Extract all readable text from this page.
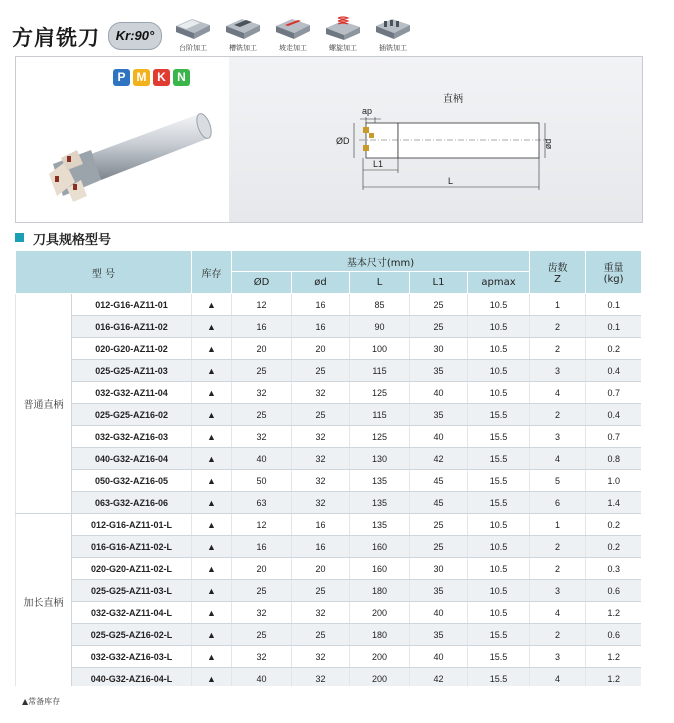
方肩铣刀	Kr:90°
台阶加工	槽铣加工	坡走加工	螺旋加工	插铣加工
P M K N
直柄
ap
ØD	ød
L1
L
刀具规格型号
型 号		库存	基本尺寸(mm)					齿数
Z	重量
(kg)
			ØD	ød	L	L1	apmax		
普通直柄	012-G16-AZ11-01	▲	12	16	85	25	10.5	1	0.1
	016-G16-AZ11-02	▲	16	16	90	25	10.5	2	0.1
	020-G20-AZ11-02	▲	20	20	100	30	10.5	2	0.2
	025-G25-AZ11-03	▲	25	25	115	35	10.5	3	0.4
	032-G32-AZ11-04	▲	32	32	125	40	10.5	4	0.7
	025-G25-AZ16-02	▲	25	25	115	35	15.5	2	0.4
	032-G32-AZ16-03	▲	32	32	125	40	15.5	3	0.7
	040-G32-AZ16-04	▲	40	32	130	42	15.5	4	0.8
	050-G32-AZ16-05	▲	50	32	135	45	15.5	5	1.0
	063-G32-AZ16-06	▲	63	32	135	45	15.5	6	1.4
加长直柄	012-G16-AZ11-01-L	▲	12	16	135	25	10.5	1	0.2
	016-G16-AZ11-02-L	▲	16	16	160	25	10.5	2	0.2
	020-G20-AZ11-02-L	▲	20	20	160	30	10.5	2	0.3
	025-G25-AZ11-03-L	▲	25	25	180	35	10.5	3	0.6
	032-G32-AZ11-04-L	▲	32	32	200	40	10.5	4	1.2
	025-G25-AZ16-02-L	▲	25	25	180	35	15.5	2	0.6
	032-G32-AZ16-03-L	▲	32	32	200	40	15.5	3	1.2
	040-G32-AZ16-04-L	▲	40	32	200	42	15.5	4	1.2
▲常备库存
